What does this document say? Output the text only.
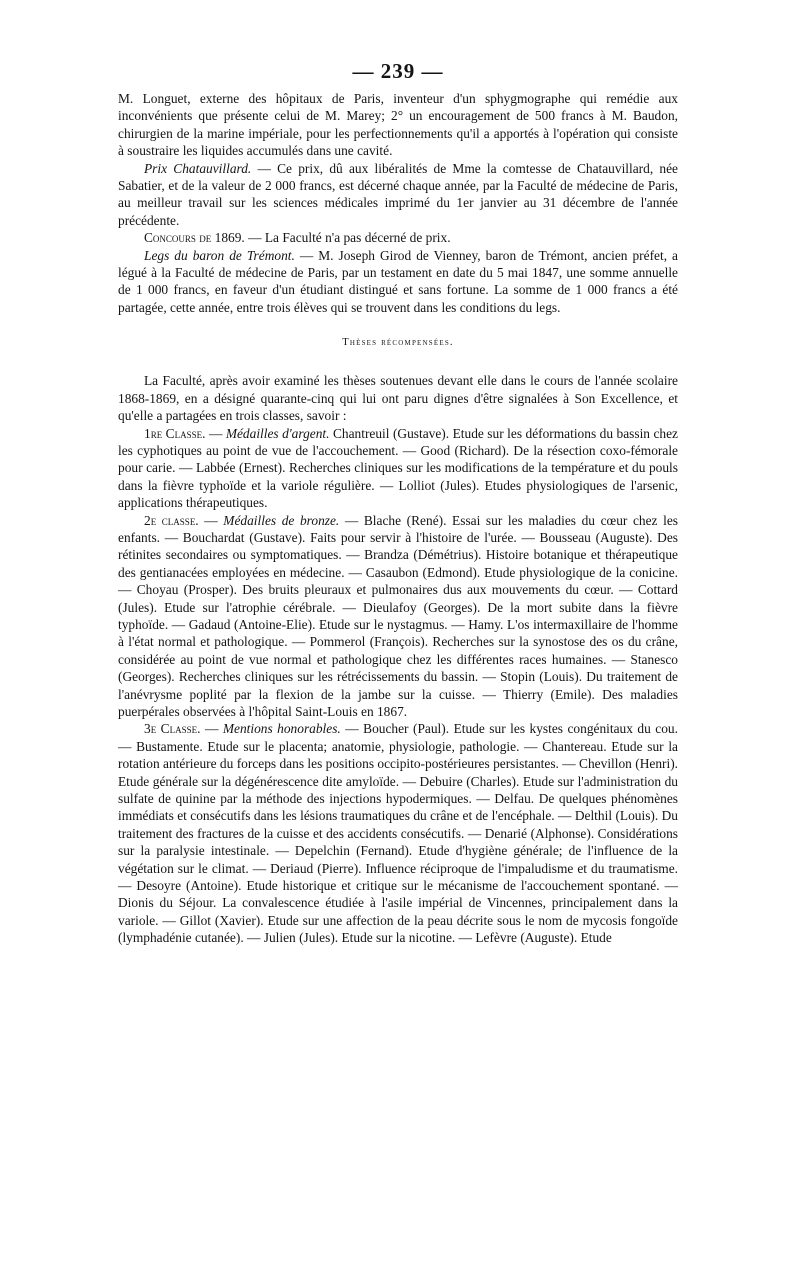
— 239 —

M. Longuet, externe des hôpitaux de Paris, inventeur d'un sphygmographe qui remédie aux inconvénients que présente celui de M. Marey; 2° un encouragement de 500 francs à M. Baudon, chirurgien de la marine impériale, pour les perfectionnements qu'il a apportés à l'opération qui consiste à soustraire les liquides accumulés dans une cavité.

Prix Chatauvillard. — Ce prix, dû aux libéralités de Mme la comtesse de Chatauvillard, née Sabatier, et de la valeur de 2 000 francs, est décerné chaque année, par la Faculté de médecine de Paris, au meilleur travail sur les sciences médicales imprimé du 1er janvier au 31 décembre de l'année précédente.

Concours de 1869. — La Faculté n'a pas décerné de prix.

Legs du baron de Trémont. — M. Joseph Girod de Vienney, baron de Trémont, ancien préfet, a légué à la Faculté de médecine de Paris, par un testament en date du 5 mai 1847, une somme annuelle de 1 000 francs, en faveur d'un étudiant distingué et sans fortune. La somme de 1 000 francs a été partagée, cette année, entre trois élèves qui se trouvent dans les conditions du legs.

Thèses récompensées.

La Faculté, après avoir examiné les thèses soutenues devant elle dans le cours de l'année scolaire 1868-1869, en a désigné quarante-cinq qui lui ont paru dignes d'être signalées à Son Excellence, et qu'elle a partagées en trois classes, savoir :

1re Classe. — Médailles d'argent. Chantreuil (Gustave). Etude sur les déformations du bassin chez les cyphotiques au point de vue de l'accouchement. — Good (Richard). De la résection coxo-fémorale pour carie. — Labbée (Ernest). Recherches cliniques sur les modifications de la température et du pouls dans la fièvre typhoïde et la variole régulière. — Lolliot (Jules). Etudes physiologiques de l'arsenic, applications thérapeutiques.

2e classe. — Médailles de bronze. — Blache (René). Essai sur les maladies du cœur chez les enfants. — Bouchardat (Gustave). Faits pour servir à l'histoire de l'urée. — Bousseau (Auguste). Des rétinites secondaires ou symptomatiques. — Brandza (Démétrius). Histoire botanique et thérapeutique des gentianacées employées en médecine. — Casaubon (Edmond). Etude physiologique de la conicine. — Choyau (Prosper). Des bruits pleuraux et pulmonaires dus aux mouvements du cœur. — Cottard (Jules). Etude sur l'atrophie cérébrale. — Dieulafoy (Georges). De la mort subite dans la fièvre typhoïde. — Gadaud (Antoine-Elie). Etude sur le nystagmus. — Hamy. L'os intermaxillaire de l'homme à l'état normal et pathologique. — Pommerol (François). Recherches sur la synostose des os du crâne, considérée au point de vue normal et pathologique chez les différentes races humaines. — Stanesco (Georges). Recherches cliniques sur les rétrécissements du bassin. — Stopin (Louis). Du traitement de l'anévrysme poplité par la flexion de la jambe sur la cuisse. — Thierry (Emile). Des maladies puerpérales observées à l'hôpital Saint-Louis en 1867.

3e Classe. — Mentions honorables. — Boucher (Paul). Etude sur les kystes congénitaux du cou. — Bustamente. Etude sur le placenta; anatomie, physiologie, pathologie. — Chantereau. Etude sur la rotation antérieure du forceps dans les positions occipito-postérieures persistantes. — Chevillon (Henri). Etude générale sur la dégénérescence dite amyloïde. — Debuire (Charles). Etude sur l'administration du sulfate de quinine par la méthode des injections hypodermiques. — Delfau. De quelques phénomènes immédiats et consécutifs dans les lésions traumatiques du crâne et de l'encéphale. — Delthil (Louis). Du traitement des fractures de la cuisse et des accidents consécutifs. — Denarié (Alphonse). Considérations sur la paralysie intestinale. — Depelchin (Fernand). Etude d'hygiène générale; de l'influence de la végétation sur le climat. — Deriaud (Pierre). Influence réciproque de l'impaludisme et du traumatisme. — Desoyre (Antoine). Etude historique et critique sur le mécanisme de l'accouchement spontané. — Dionis du Séjour. La convalescence étudiée à l'asile impérial de Vincennes, principalement dans la variole. — Gillot (Xavier). Etude sur une affection de la peau décrite sous le nom de mycosis fongoïde (lymphadénie cutanée). — Julien (Jules). Etude sur la nicotine. — Lefèvre (Auguste). Etude
